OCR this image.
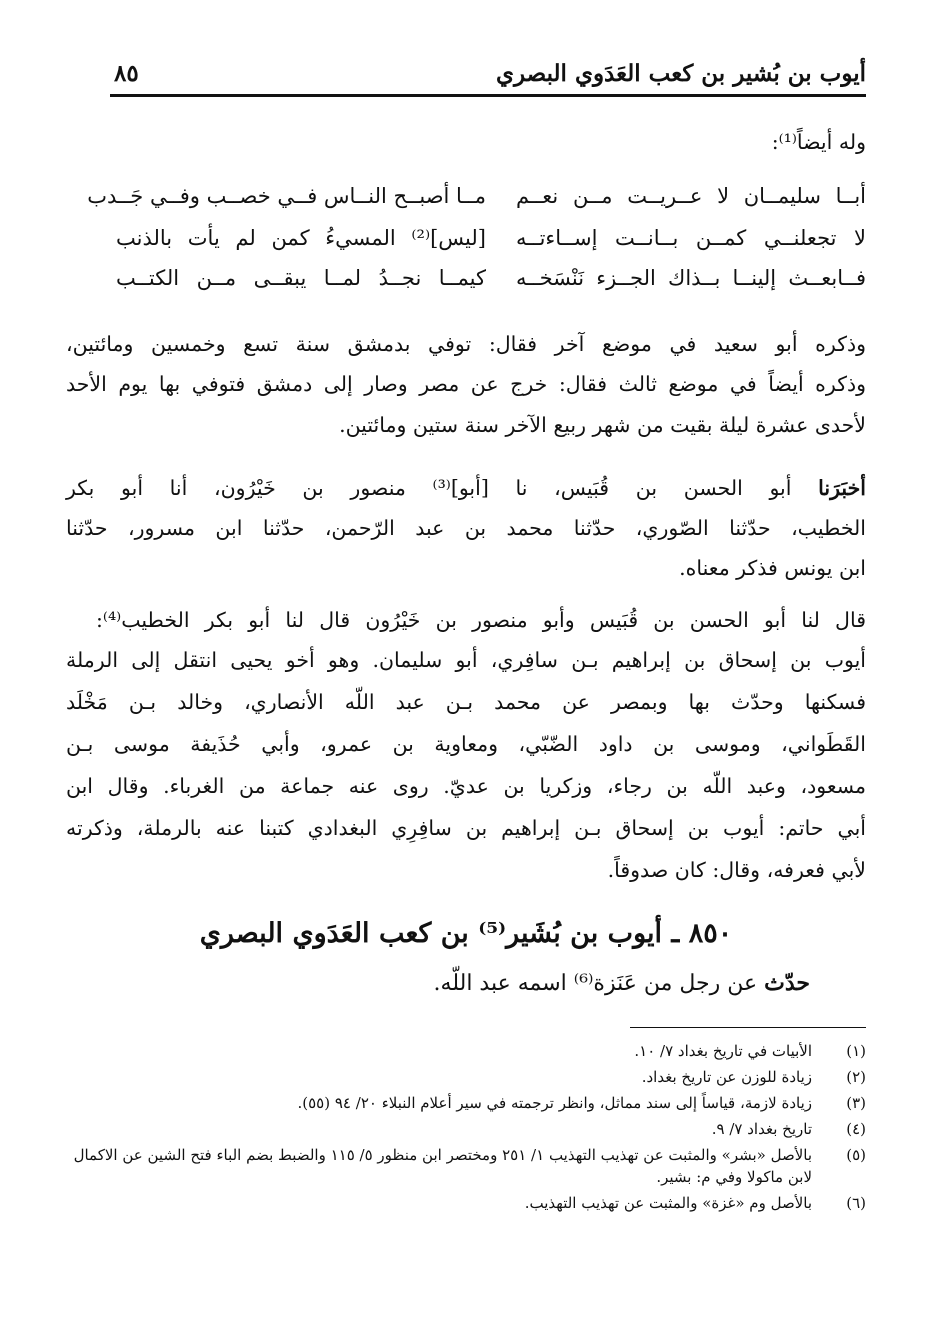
أيوب بن بُشير بن كعب العَدَوي البصري
٨٥
وله أيضاً⁽¹⁾:
أبــا سليمــان لا عــريــت مــن نعــم
مــا أصبــح النــاس فــي خصــب وفــي جَــدب
لا تجعلنــي كمــن بــانــت إســاءتــه
[ليس]⁽²⁾ المسيءُ كمن لم يأت بالذنب
فــابعــث إلينــا بــذاك الجــزء نَنْسَخــه
كيمــا نجــدُ لمــا يبقــى مــن الكتــب
وذكره أبو سعيد في موضع آخر فقال: توفي بدمشق سنة تسع وخمسين ومائتين،
وذكره أيضاً في موضع ثالث فقال: خرج عن مصر وصار إلى دمشق فتوفي بها يوم الأحد
لأحدى عشرة ليلة بقيت من شهر ربيع الآخر سنة ستين ومائتين.
أخبَرَنا أبو الحسن بن قُبَيس، نا [أبو]⁽³⁾ منصور بن خَيْرُون، أنا أبو بكر
الخطيب، حدّثنا الصّوري، حدّثنا محمد بن عبد الرّحمن، حدّثنا ابن مسرور، حدّثنا
ابن يونس فذكر معناه.
قال لنا أبو الحسن بن قُبَيس وأبو منصور بن خَيْرُون قال لنا أبو بكر الخطيب⁽⁴⁾:
أيوب بن إسحاق بن إبراهيم بـن سافِري، أبو سليمان. وهو أخو يحيى انتقل إلى الرملة
فسكنها وحدّث بها وبمصر عن محمد بـن عبد اللّه الأنصاري، وخالد بـن مَخْلَد
القَطَواني، وموسى بن داود الضّبّي، ومعاوية بن عمرو، وأبي حُذَيفة موسى بـن
مسعود، وعبد اللّه بن رجاء، وزكريا بن عديّ. روى عنه جماعة من الغرباء. وقال ابن
أبي حاتم: أيوب بن إسحاق بـن إبراهيم بن سافِرِي البغدادي كتبنا عنه بالرملة، وذكرته
لأبي فعرفه، وقال: كان صدوقاً.
٨٥٠ ـ أيوب بن بُشَير⁽⁵⁾ بن كعب العَدَوي البصري
حدّث عن رجل من عَنَزة⁽⁶⁾ اسمه عبد اللّه.
(١)
الأبيات في تاريخ بغداد ٧/ ١٠.
(٢)
زيادة للوزن عن تاريخ بغداد.
(٣)
زيادة لازمة، قياساً إلى سند مماثل، وانظر ترجمته في سير أعلام النبلاء ٢٠/ ٩٤ (٥٥).
(٤)
تاريخ بغداد ٧/ ٩.
(٥)
بالأصل «بشر» والمثبت عن تهذيب التهذيب ١/ ٢٥١ ومختصر ابن منظور ٥/ ١١٥ والضبط بضم الباء فتح الشين عن الاكمال لابن ماكولا وفي م: بشير.
(٦)
بالأصل وم «غزة» والمثبت عن تهذيب التهذيب.
